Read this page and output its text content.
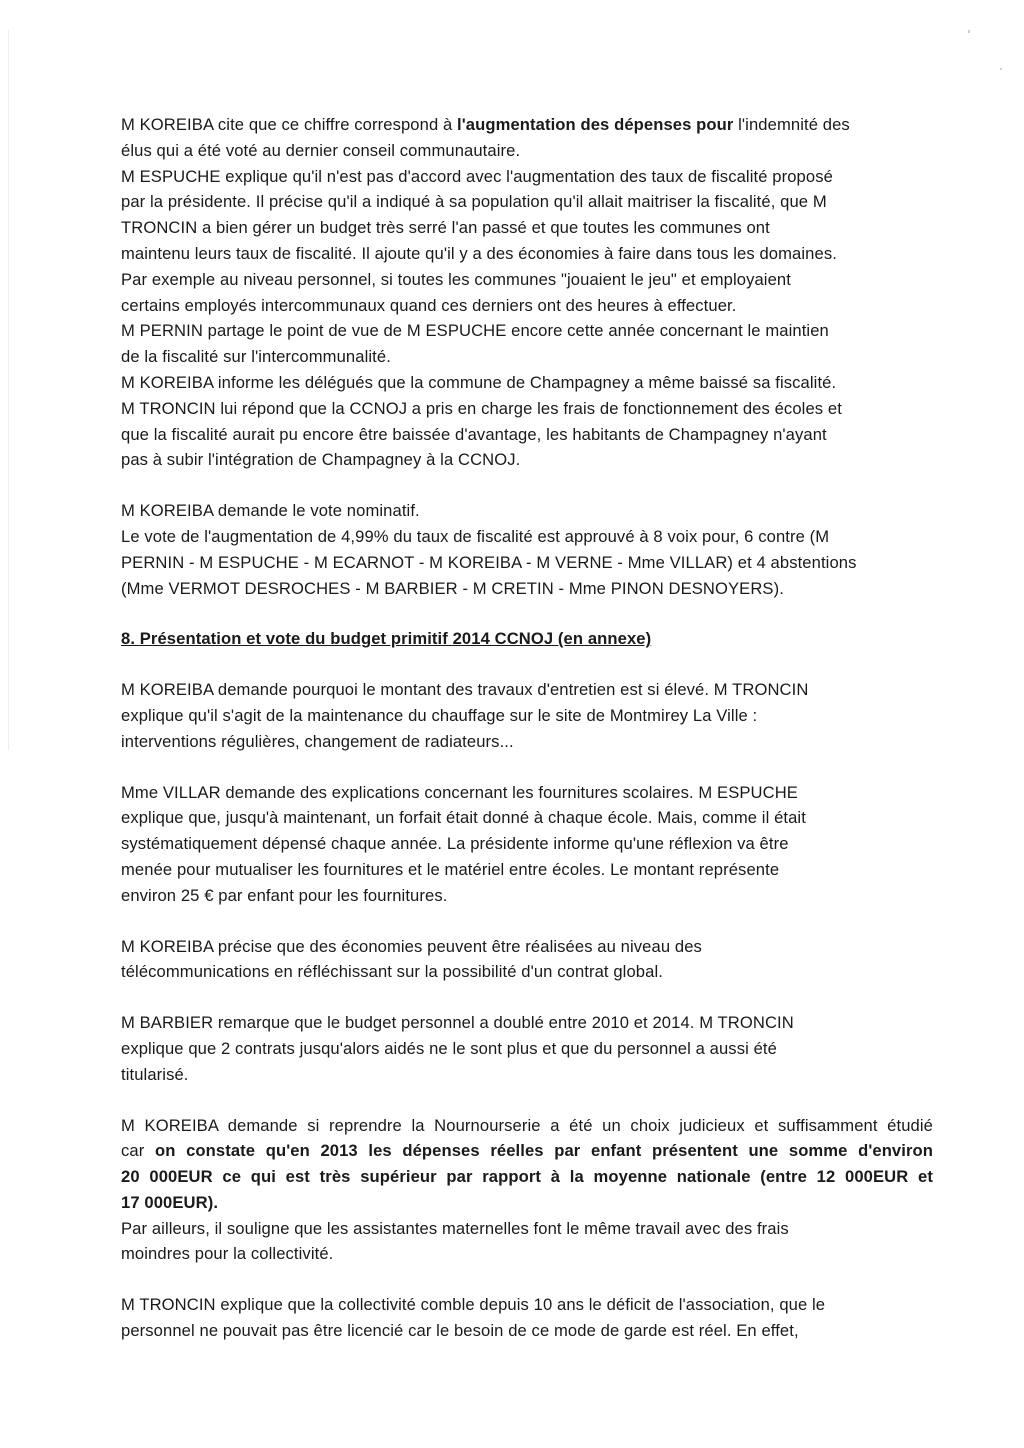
M KOREIBA cite que ce chiffre correspond à l'augmentation des dépenses pour l'indemnité des
élus qui a été voté au dernier conseil communautaire.
M ESPUCHE explique qu'il n'est pas d'accord avec l'augmentation des taux de fiscalité proposé
par la présidente. Il précise qu'il a indiqué à sa population qu'il allait maitriser la fiscalité, que M
TRONCIN a bien gérer un budget très serré l'an passé et que toutes les communes ont
maintenu leurs taux de fiscalité. Il ajoute qu'il y a des économies à faire dans tous les domaines.
Par exemple au niveau personnel, si toutes les communes "jouaient le jeu" et employaient
certains employés intercommunaux quand ces derniers ont des heures à effectuer.
M PERNIN partage le point de vue de M ESPUCHE encore cette année concernant le maintien
de la fiscalité sur l'intercommunalité.
M KOREIBA informe les délégués que la commune de Champagney a même baissé sa fiscalité.
M TRONCIN lui répond que la CCNOJ a pris en charge les frais de fonctionnement des écoles et
que la fiscalité aurait pu encore être baissée d'avantage, les habitants de Champagney n'ayant
pas à subir l'intégration de Champagney à la CCNOJ.
M KOREIBA demande le vote nominatif.
Le vote de l'augmentation de 4,99% du taux de fiscalité est approuvé à 8 voix pour, 6 contre (M
PERNIN - M ESPUCHE - M ECARNOT - M KOREIBA - M VERNE - Mme VILLAR) et 4 abstentions
(Mme VERMOT DESROCHES - M BARBIER - M CRETIN - Mme PINON DESNOYERS).
8. Présentation et vote du budget primitif 2014 CCNOJ (en annexe)
M KOREIBA demande pourquoi le montant des travaux d'entretien est si élevé. M TRONCIN
explique qu'il s'agit de la maintenance du chauffage sur le site de Montmirey La Ville :
interventions régulières, changement de radiateurs...
Mme VILLAR demande des explications concernant les fournitures scolaires. M ESPUCHE
explique que, jusqu'à maintenant, un forfait était donné à chaque école. Mais, comme il était
systématiquement dépensé chaque année. La présidente informe qu'une réflexion va être
menée pour mutualiser les fournitures et le matériel entre écoles. Le montant représente
environ 25 € par enfant pour les fournitures.
M KOREIBA précise que des économies peuvent être réalisées au niveau des
télécommunications en réfléchissant sur la possibilité d'un contrat global.
M BARBIER remarque que le budget personnel a doublé entre 2010 et 2014. M TRONCIN
explique que 2 contrats jusqu'alors aidés ne le sont plus et que du personnel a aussi été
titularisé.
M KOREIBA demande si reprendre la Nournourserie a été un choix judicieux et suffisamment étudié
car on constate qu'en 2013 les dépenses réelles par enfant présentent une somme d'environ
20 000EUR ce qui est très supérieur par rapport à la moyenne nationale (entre 12 000EUR et
17 000EUR).
Par ailleurs, il souligne que les assistantes maternelles font le même travail avec des frais
moindres pour la collectivité.
M TRONCIN explique que la collectivité comble depuis 10 ans le déficit de l'association, que le
personnel ne pouvait pas être licencié car le besoin de ce mode de garde est réel. En effet,
